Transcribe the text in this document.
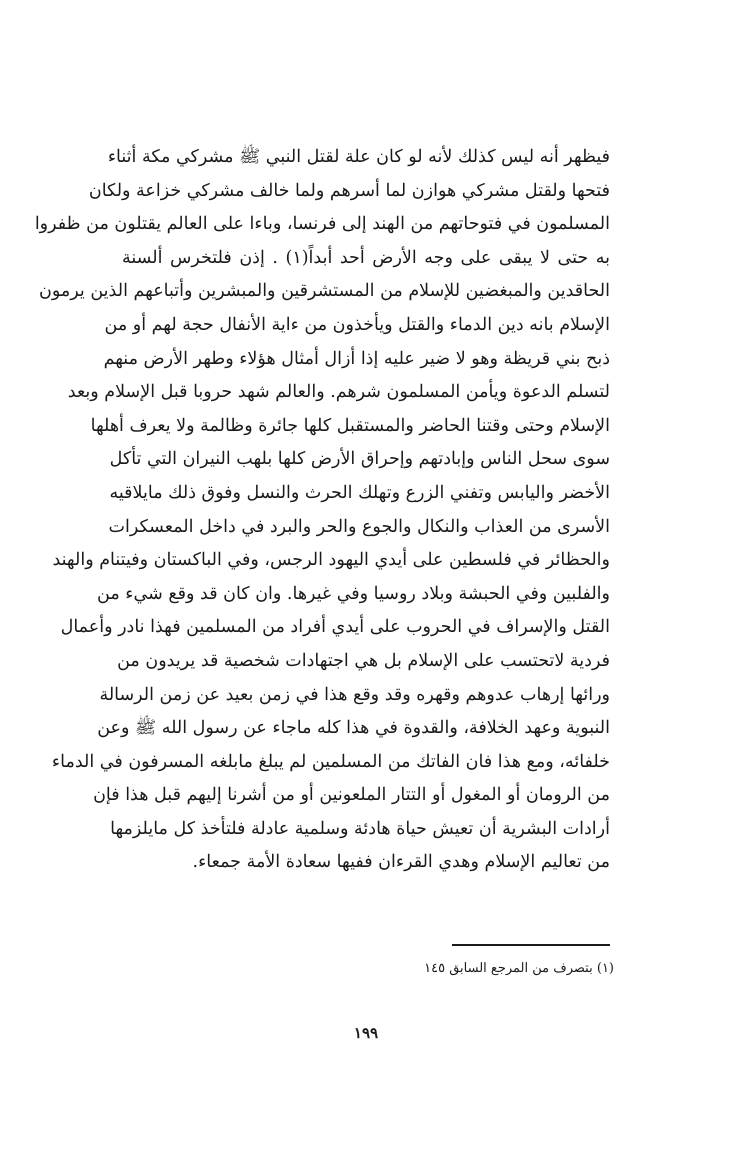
فيظهر أنه ليس كذلك لأنه لو كان علة لقتل النبي ﷺ مشركي مكة أثناء
فتحها ولقتل مشركي هوازن لما أسرهم ولما خالف مشركي خزاعة ولكان
المسلمون في فتوحاتهم من الهند إلى فرنسا، وباءا على العالم يقتلون من ظفروا
به حتى لا يبقى على وجه الأرض أحد أبداً(١) . إذن فلتخرس ألسنة
الحاقدين والمبغضين للإسلام من المستشرقين والمبشرين وأتباعهم الذين يرمون
الإسلام بانه دين الدماء والقتل ويأخذون من ءاية الأنفال حجة لهم أو من
ذبح بني قريظة وهو لا ضير عليه إذا أزال أمثال هؤلاء وطهر الأرض منهم
لتسلم الدعوة ويأمن المسلمون شرهم. والعالم شهد حروبا قبل الإسلام وبعد
الإسلام وحتى وقتنا الحاضر والمستقبل كلها جائرة وظالمة ولا يعرف أهلها
سوى سحل الناس وإبادتهم وإحراق الأرض كلها بلهب النيران التي تأكل
الأخضر واليابس وتفني الزرع وتهلك الحرث والنسل وفوق ذلك مايلاقيه
الأسرى من العذاب والنكال والجوع والحر والبرد في داخل المعسكرات
والحظائر في فلسطين على أيدي اليهود الرجس، وفي الباكستان وفيتنام والهند
والفلبين وفي الحبشة وبلاد روسيا وفي غيرها. وان كان قد وقع شيء من
القتل والإسراف في الحروب على أيدي أفراد من المسلمين فهذا نادر وأعمال
فردية لاتحتسب على الإسلام بل هي اجتهادات شخصية قد يريدون من
ورائها إرهاب عدوهم وقهره وقد وقع هذا في زمن بعيد عن زمن الرسالة
النبوية وعهد الخلافة، والقدوة في هذا كله ماجاء عن رسول الله ﷺ وعن
خلفائه، ومع هذا فان الفاتك من المسلمين لم يبلغ مابلغه المسرفون في الدماء
من الرومان أو المغول أو التتار الملعونين أو من أشرنا إليهم قبل هذا فإن
أرادات البشرية أن تعيش حياة هادئة وسلمية عادلة فلتأخذ كل مايلزمها
من تعاليم الإسلام وهدي القرءان ففيها سعادة الأمة جمعاء.
(١) بتصرف من المرجع السابق ١٤٥
١٩٩
